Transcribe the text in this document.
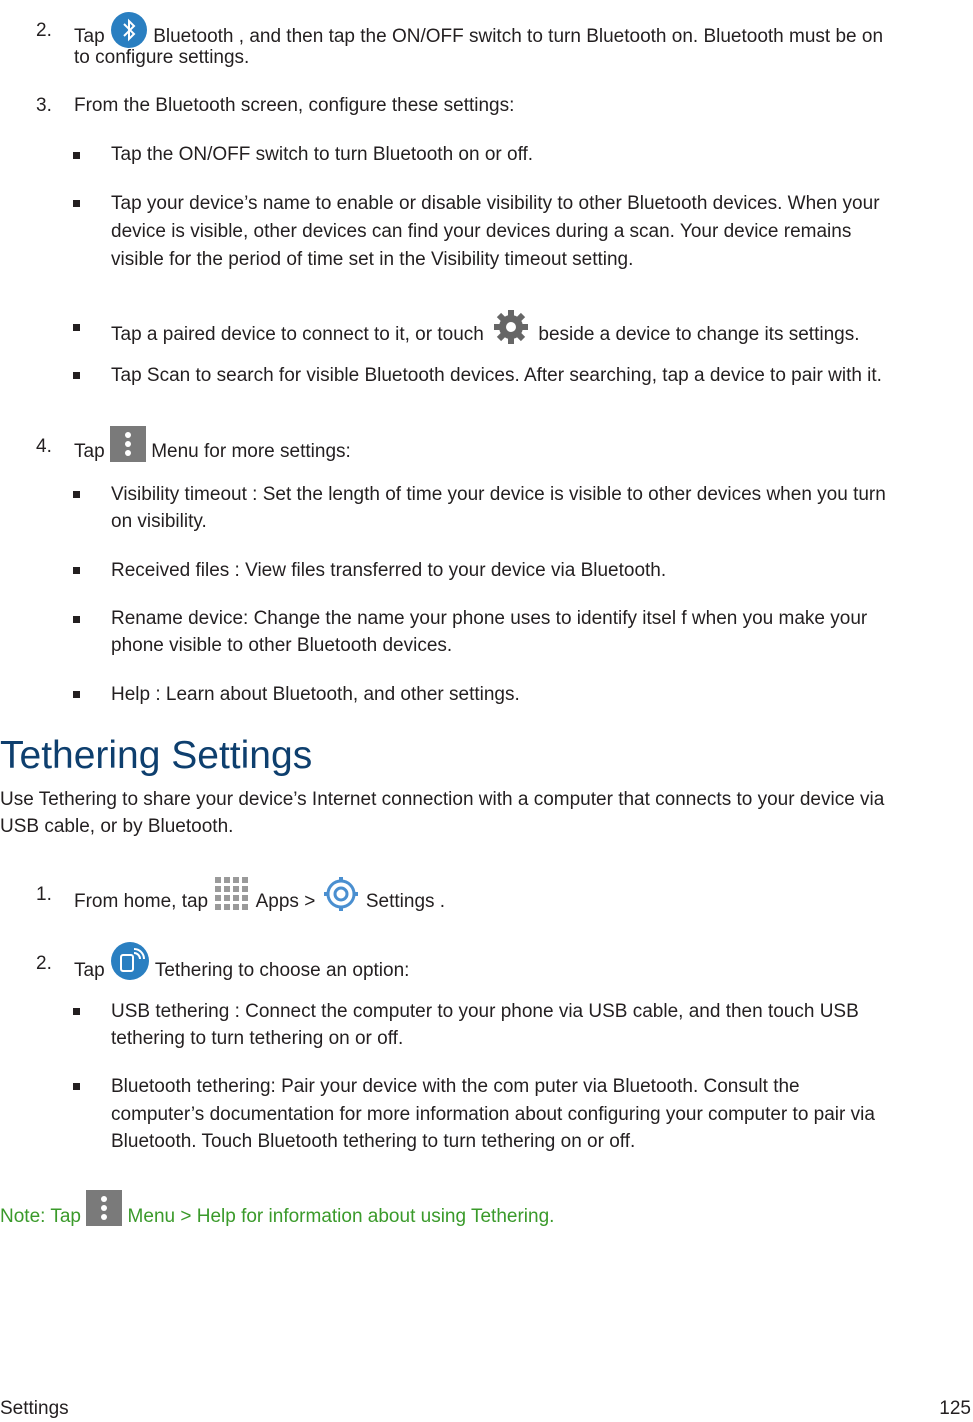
2. Tap	Bluetooth , and then tap the ON/OFF switch to turn Bluetooth on. Bluetooth must be on
to configure settings.
3. From the Bluetooth screen, configure these settings:
Tap the ON/OFF switch to turn Bluetooth on or off.
Tap your device’s name to enable or disable visibility to other Bluetooth devices. When your
device is visible, other devices can find your devices during a scan. Your device remains
visible for the period of time set in the Visibility timeout setting.
Tap a paired device to connect to it, or touch	beside a device to change its settings.
Tap Scan to search for visible Bluetooth devices. After searching, tap a device to pair with it.
4. Tap Menu for more settings:
Visibility timeout : Set the length of time your device is visible to other devices when you turn
on visibility.
Received files : View files transferred to your device via Bluetooth.
Rename device: Change the name your phone uses to identify itsel f when you make your
phone visible to other Bluetooth devices.
Help : Learn about Bluetooth, and other settings.
Tethering Settings
Use Tethering to share your device’s Internet connection with a computer that connects to your device via
USB cable, or by Bluetooth.
1. From home, tap	Apps >	Settings .
2. Tap	Tethering to choose an option:
USB tethering : Connect the computer to your phone via USB cable, and then touch USB
tethering to turn tethering on or off.
Bluetooth tethering: Pair your device with the com puter via Bluetooth. Consult the
computer’s documentation for more information about configuring your computer to pair via
Bluetooth. Touch Bluetooth tethering to turn tethering on or off.
Note: Tap Menu > Help for information about using Tethering.
Settings	125
